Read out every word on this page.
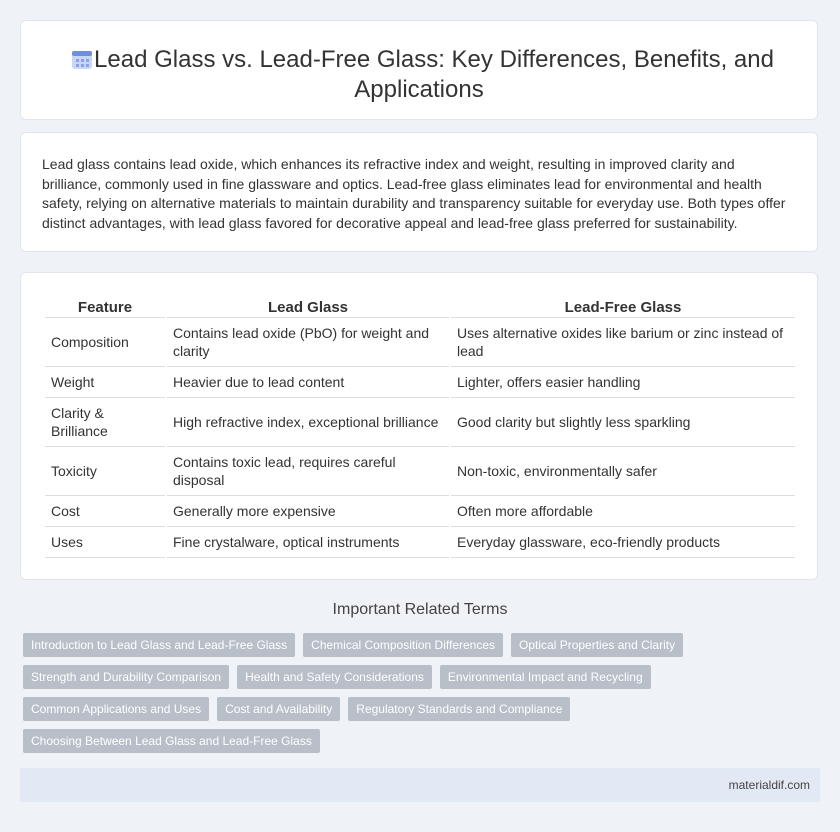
Lead Glass vs. Lead-Free Glass: Key Differences, Benefits, and
Applications
Lead glass contains lead oxide, which enhances its refractive index and weight, resulting in improved clarity and brilliance, commonly used in fine glassware and optics. Lead-free glass eliminates lead for environmental and health safety, relying on alternative materials to maintain durability and transparency suitable for everyday use. Both types offer distinct advantages, with lead glass favored for decorative appeal and lead-free glass preferred for sustainability.
Feature	Lead Glass	Lead-Free Glass
Composition	Contains lead oxide (PbO) for weight and clarity	Uses alternative oxides like barium or zinc instead of lead
Weight	Heavier due to lead content	Lighter, offers easier handling
Clarity & Brilliance	High refractive index, exceptional brilliance	Good clarity but slightly less sparkling
Toxicity	Contains toxic lead, requires careful disposal	Non-toxic, environmentally safer
Cost	Generally more expensive	Often more affordable
Uses	Fine crystalware, optical instruments	Everyday glassware, eco-friendly products
Important Related Terms
Introduction to Lead Glass and Lead-Free Glass	Chemical Composition Differences	Optical Properties and Clarity
Strength and Durability Comparison	Health and Safety Considerations	Environmental Impact and Recycling
Common Applications and Uses	Cost and Availability	Regulatory Standards and Compliance
Choosing Between Lead Glass and Lead-Free Glass
materialdif.com
